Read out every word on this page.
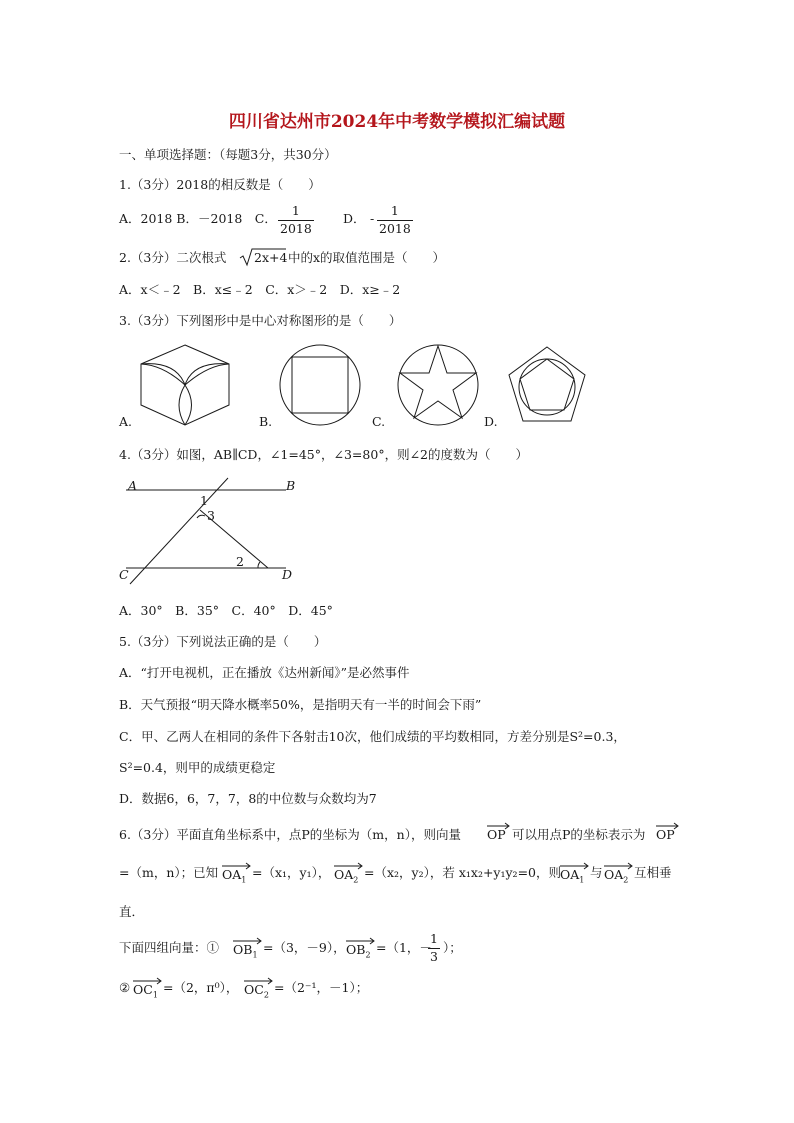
四川省达州市2024年中考数学模拟汇编试题
一、单项选择题：（每题3分，共30分）
1.（3分）2018的相反数是（　　）
A．2018 B．－2018　C． $\frac{1}{2018}$ D． - $\frac{1}{2018}$
2.（3分）二次根式 2x+4 中的x的取值范围是（　　）
A．x＜﹣2　B．x≤﹣2　C．x＞﹣2　D．x≥﹣2
3.（3分）下列图形中是中心对称图形的是（　　）
A.	B.	C.	D.
4.（3分）如图，AB∥CD，∠1=45°，∠3=80°，则∠2的度数为（　　）
A	B
C	D
1
3
2
A．30°　B．35°　C．40°　D．45°
5.（3分）下列说法正确的是（　　）
A．“打开电视机，正在播放《达州新闻》”是必然事件
B．天气预报“明天降水概率50%，是指明天有一半的时间会下雨”
C．甲、乙两人在相同的条件下各射击10次，他们成绩的平均数相同，方差分别是S²=0.3，
S²=0.4，则甲的成绩更稳定
D．数据6，6，7，7，8的中位数与众数均为7
6.（3分）平面直角坐标系中，点P的坐标为（m，n），则向量 OP 可以用点P的坐标表示为 OP
=（m，n）；已知 $OA_1 =(x_1$，y₁）， $OA_2 =(x_2$，y₂），若 x₁x₂+y₁y₂=0，则 $OA_1$ 与 $OA_2$ 互相垂
直．
下面四组向量：① $OB_1 =(3$，－9）， $OB_2 =(1$，－
$\frac{1}{3}$ ）；
② $OC_1 =(2$，π⁰）， $OC_2 =(2^{-1}$，－1）；
